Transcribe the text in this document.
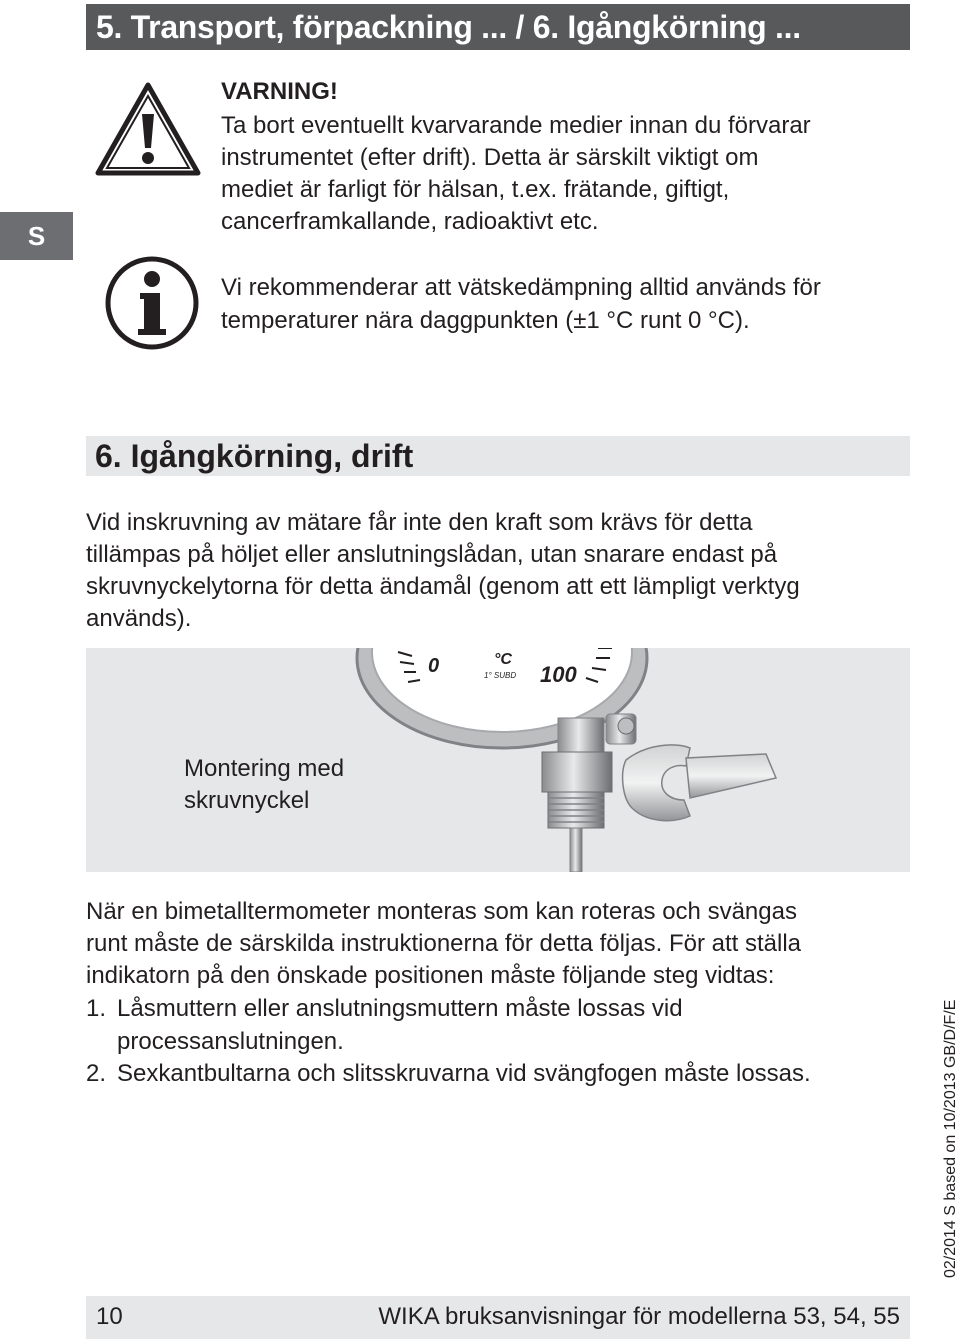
5. Transport, förpackning ... / 6. Igångkörning ...
S
VARNING!

Ta bort eventuellt kvarvarande medier innan du förvarar

instrumentet (efter drift). Detta är särskilt viktigt om

mediet är farligt för hälsan, t.ex. frätande, giftigt,

cancerframkallande, radioaktivt etc.

Vi rekommenderar att vätskedämpning alltid används för

temperaturer nära daggpunkten (±1 °C runt 0 °C).

6. Igångkörning, drift

Vid inskruvning av mätare får inte den kraft som krävs för detta

tillämpas på höljet eller anslutningslådan, utan snarare endast på

skruvnyckelytorna för detta ändamål (genom att ett lämpligt verktyg

används).

0	°C
1° SUBD 100
Montering med
skruvnyckel

När en bimetalltermometer monteras som kan roteras och svängas

runt måste de särskilda instruktionerna för detta följas. För att ställa

indikatorn på den önskade positionen måste följande steg vidtas:

1. Låsmuttern eller anslutningsmuttern måste lossas vid

processanslutningen.

2. Sexkantbultarna och slitsskruvarna vid svängfogen måste lossas.	02/2014 S based on 10/2013 GB/D/F/E
10	WIKA bruksanvisningar för modellerna 53, 54, 55
